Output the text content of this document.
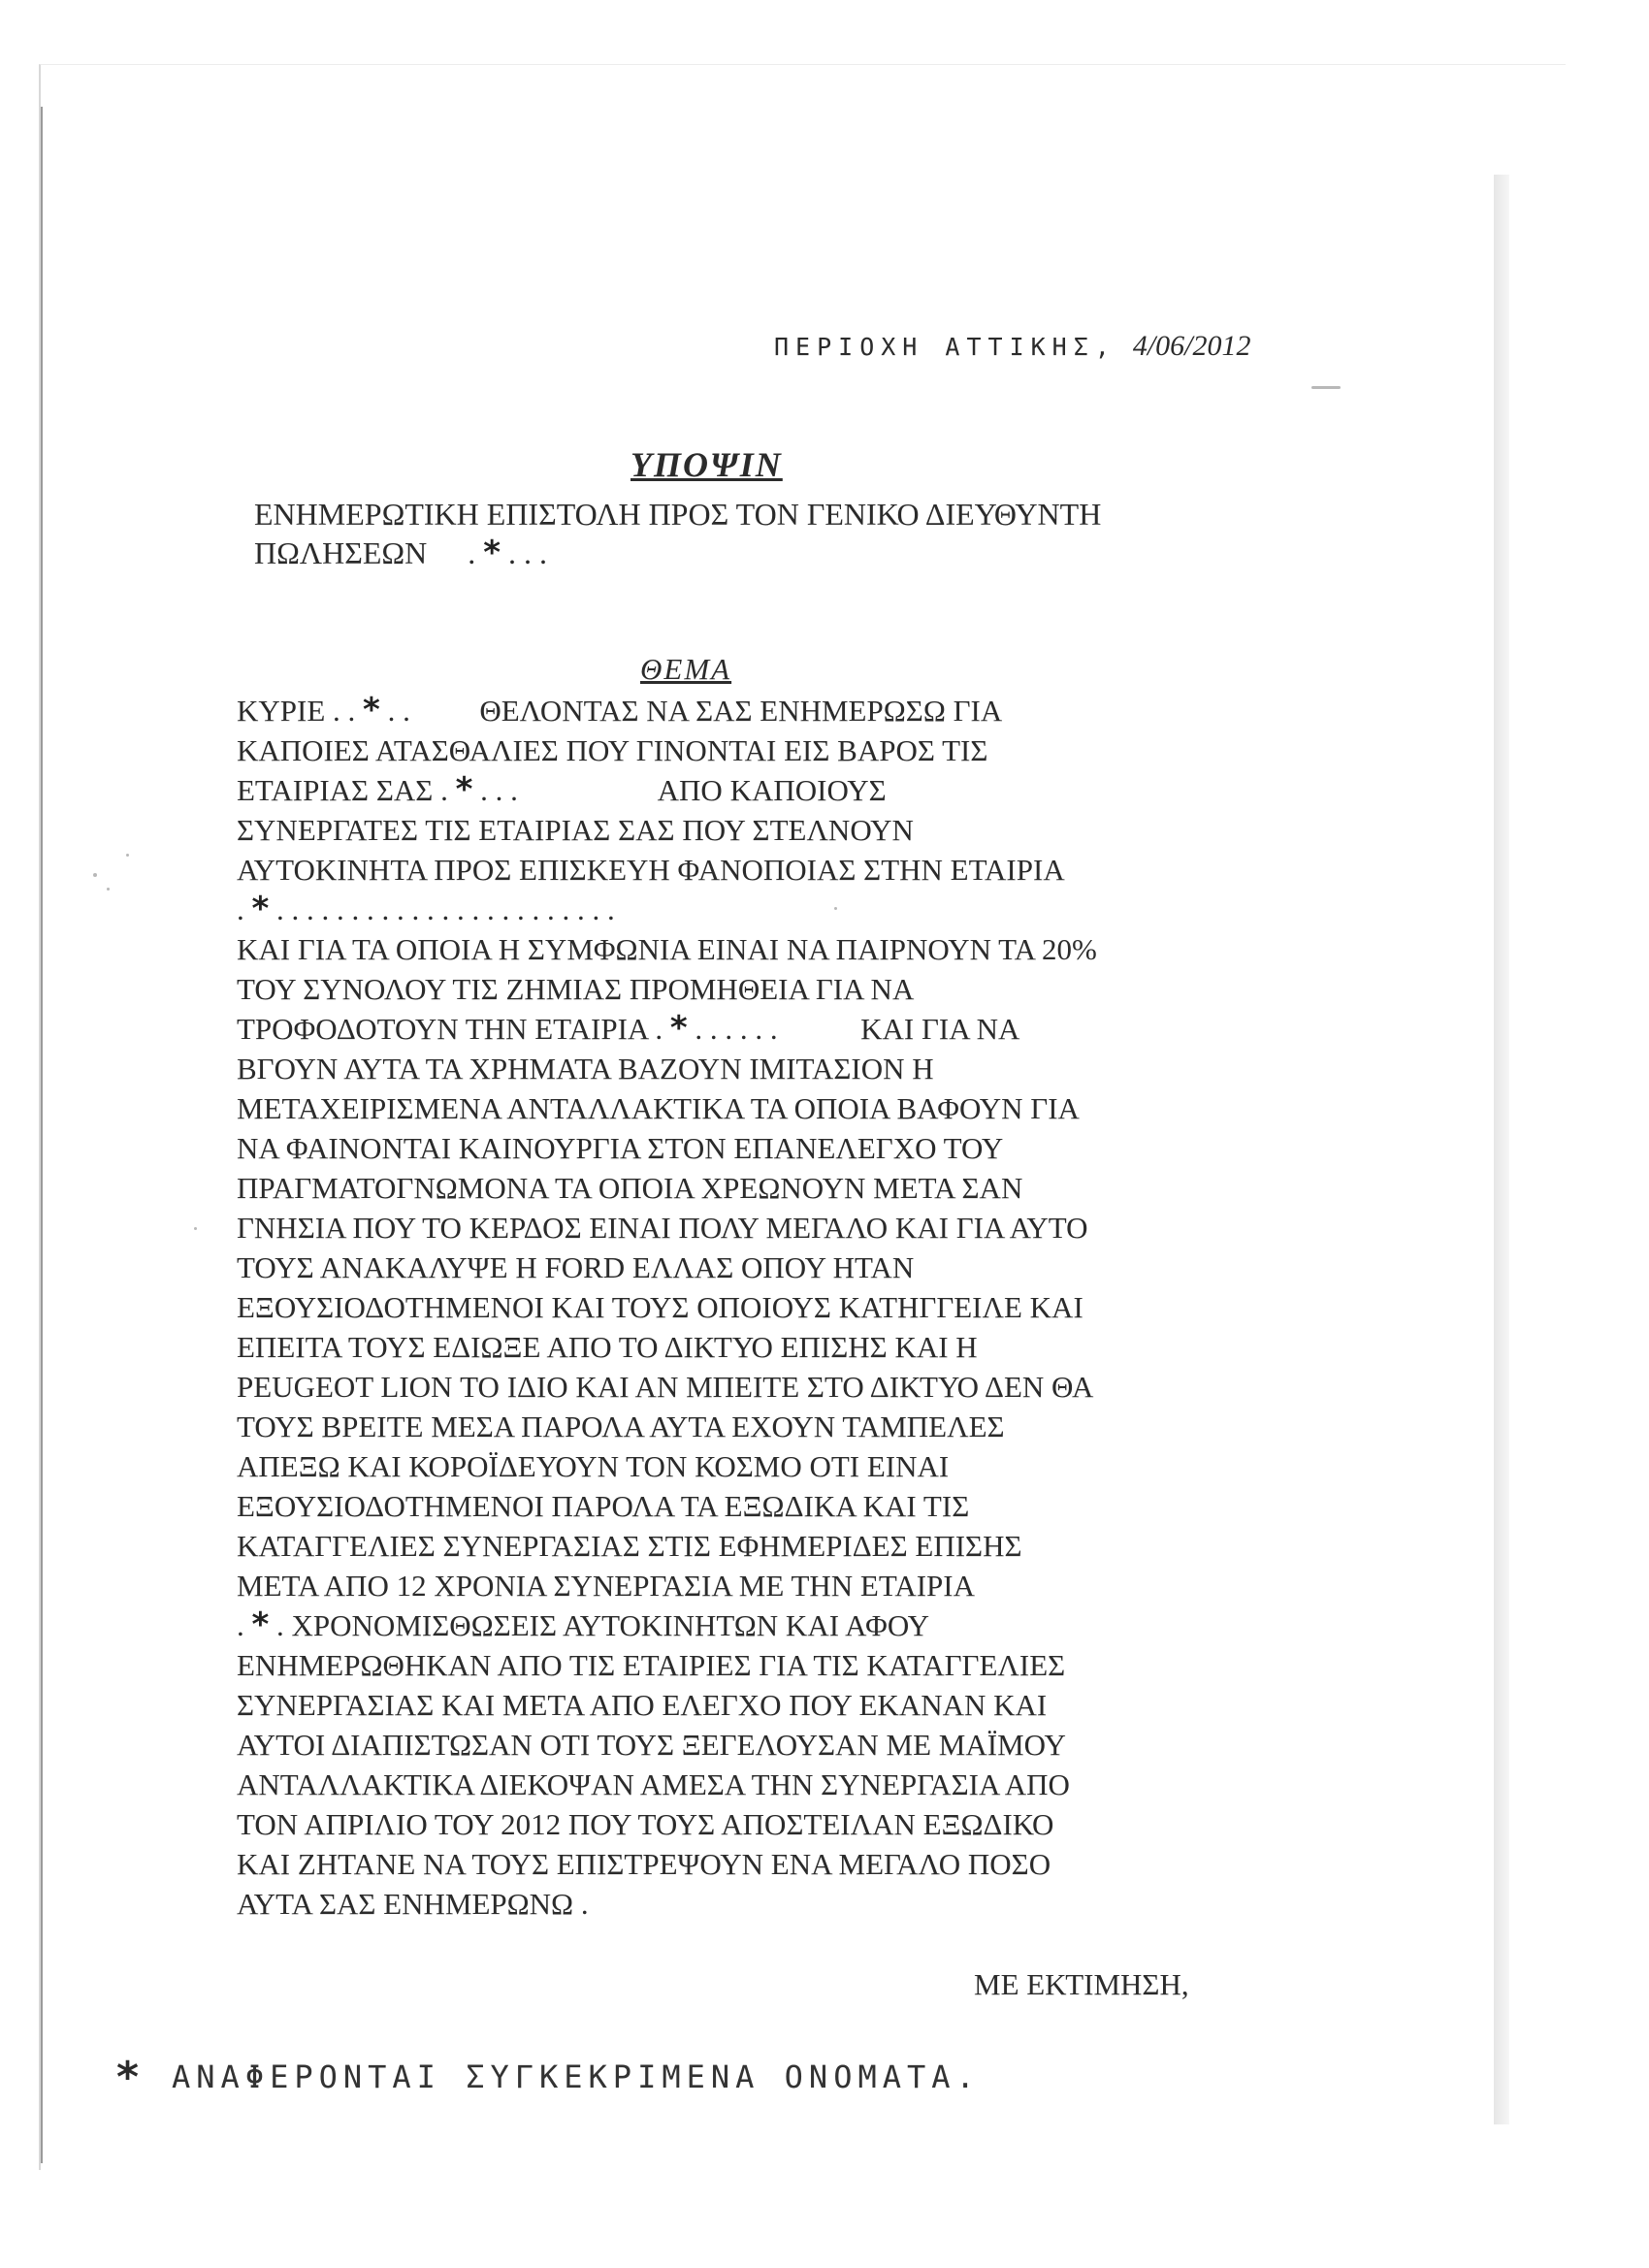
ΠΕΡΙΟΧΗ ΑΤΤΙΚΗΣ, 4/06/2012
ΥΠΟΨΙΝ
ΕΝΗΜΕΡΩΤΙΚΗ ΕΠΙΣΤΟΛΗ ΠΡΟΣ ΤΟΝ ΓΕΝΙΚΟ ΔΙΕΥΘΥΝΤΗ
ΠΩΛΗΣΕΩΝ . * . . .
ΘΕΜΑ
ΚΥΡΙΕ . . * . . ΘΕΛΟΝΤΑΣ ΝΑ ΣΑΣ ΕΝΗΜΕΡΩΣΩ ΓΙΑ
ΚΑΠΟΙΕΣ ΑΤΑΣΘΑΛΙΕΣ ΠΟΥ ΓΙΝΟΝΤΑΙ ΕΙΣ ΒΑΡΟΣ ΤΙΣ
ΕΤΑΙΡΙΑΣ ΣΑΣ . * . . .	ΑΠΟ ΚΑΠΟΙΟΥΣ
ΣΥΝΕΡΓΑΤΕΣ ΤΙΣ ΕΤΑΙΡΙΑΣ ΣΑΣ ΠΟΥ ΣΤΕΛΝΟΥΝ
ΑΥΤΟΚΙΝΗΤΑ ΠΡΟΣ ΕΠΙΣΚΕΥΗ ΦΑΝΟΠΟΙΑΣ ΣΤΗΝ ΕΤΑΙΡΙΑ
. * . . . . . . . . . . . . . . . . . . . . . . .
ΚΑΙ ΓΙΑ ΤΑ ΟΠΟΙΑ Η ΣΥΜΦΩΝΙΑ ΕΙΝΑΙ ΝΑ ΠΑΙΡΝΟΥΝ ΤΑ 20%
ΤΟΥ ΣΥΝΟΛΟΥ ΤΙΣ ΖΗΜΙΑΣ ΠΡΟΜΗΘΕΙΑ ΓΙΑ ΝΑ
ΤΡΟΦΟΔΟΤΟΥΝ ΤΗΝ ΕΤΑΙΡΙΑ . * . . . . . .	ΚΑΙ ΓΙΑ ΝΑ
ΒΓΟΥΝ ΑΥΤΑ ΤΑ ΧΡΗΜΑΤΑ ΒΑΖΟΥΝ ΙΜΙΤΑΣΙΟΝ Η
ΜΕΤΑΧΕΙΡΙΣΜΕΝΑ ΑΝΤΑΛΛΑΚΤΙΚΑ ΤΑ ΟΠΟΙΑ ΒΑΦΟΥΝ ΓΙΑ
ΝΑ ΦΑΙΝΟΝΤΑΙ ΚΑΙΝΟΥΡΓΙΑ ΣΤΟΝ ΕΠΑΝΕΛΕΓΧΟ ΤΟΥ
ΠΡΑΓΜΑΤΟΓΝΩΜΟΝΑ ΤΑ ΟΠΟΙΑ ΧΡΕΩΝΟΥΝ ΜΕΤΑ ΣΑΝ
ΓΝΗΣΙΑ ΠΟΥ ΤΟ ΚΕΡΔΟΣ ΕΙΝΑΙ ΠΟΛΥ ΜΕΓΑΛΟ ΚΑΙ ΓΙΑ ΑΥΤΟ
ΤΟΥΣ ΑΝΑΚΑΛΥΨΕ Η FORD ΕΛΛΑΣ ΟΠΟΥ ΗΤΑΝ
ΕΞΟΥΣΙΟΔΟΤΗΜΕΝΟΙ ΚΑΙ ΤΟΥΣ ΟΠΟΙΟΥΣ ΚΑΤΗΓΓΕΙΛΕ ΚΑΙ
ΕΠΕΙΤΑ ΤΟΥΣ ΕΔΙΩΞΕ ΑΠΟ ΤΟ ΔΙΚΤΥΟ ΕΠΙΣΗΣ ΚΑΙ Η
PEUGEOT LION ΤΟ ΙΔΙΟ ΚΑΙ ΑΝ ΜΠΕΙΤΕ ΣΤΟ ΔΙΚΤΥΟ ΔΕΝ ΘΑ
ΤΟΥΣ ΒΡΕΙΤΕ ΜΕΣΑ ΠΑΡΟΛΑ ΑΥΤΑ ΕΧΟΥΝ ΤΑΜΠΕΛΕΣ
ΑΠΕΞΩ ΚΑΙ ΚΟΡΟΪΔΕΥΟΥΝ ΤΟΝ ΚΟΣΜΟ ΟΤΙ ΕΙΝΑΙ
ΕΞΟΥΣΙΟΔΟΤΗΜΕΝΟΙ ΠΑΡΟΛΑ ΤΑ ΕΞΩΔΙΚΑ ΚΑΙ ΤΙΣ
ΚΑΤΑΓΓΕΛΙΕΣ ΣΥΝΕΡΓΑΣΙΑΣ ΣΤΙΣ ΕΦΗΜΕΡΙΔΕΣ ΕΠΙΣΗΣ
ΜΕΤΑ ΑΠΟ 12 ΧΡΟΝΙΑ ΣΥΝΕΡΓΑΣΙΑ ΜΕ ΤΗΝ ΕΤΑΙΡΙΑ
. * . ΧΡΟΝΟΜΙΣΘΩΣΕΙΣ ΑΥΤΟΚΙΝΗΤΩΝ ΚΑΙ ΑΦΟΥ
ΕΝΗΜΕΡΩΘΗΚΑΝ ΑΠΟ ΤΙΣ ΕΤΑΙΡΙΕΣ ΓΙΑ ΤΙΣ ΚΑΤΑΓΓΕΛΙΕΣ
ΣΥΝΕΡΓΑΣΙΑΣ ΚΑΙ ΜΕΤΑ ΑΠΟ ΕΛΕΓΧΟ ΠΟΥ ΕΚΑΝΑΝ ΚΑΙ
ΑΥΤΟΙ ΔΙΑΠΙΣΤΩΣΑΝ ΟΤΙ ΤΟΥΣ ΞΕΓΕΛΟΥΣΑΝ ΜΕ ΜΑΪΜΟΥ
ΑΝΤΑΛΛΑΚΤΙΚΑ ΔΙΕΚΟΨΑΝ ΑΜΕΣΑ ΤΗΝ ΣΥΝΕΡΓΑΣΙΑ ΑΠΟ
ΤΟΝ ΑΠΡΙΛΙΟ ΤΟΥ 2012 ΠΟΥ ΤΟΥΣ ΑΠΟΣΤΕΙΛΑΝ ΕΞΩΔΙΚΟ
ΚΑΙ ΖΗΤΑΝΕ ΝΑ ΤΟΥΣ ΕΠΙΣΤΡΕΨΟΥΝ ΕΝΑ ΜΕΓΑΛΟ ΠΟΣΟ
ΑΥΤΑ ΣΑΣ ΕΝΗΜΕΡΩΝΩ .
ΜΕ ΕΚΤΙΜΗΣΗ,
* ΑΝΑΦΕΡΟΝΤΑΙ ΣΥΓΚΕΚΡΙΜΕΝΑ ΟΝΟΜΑΤΑ.
